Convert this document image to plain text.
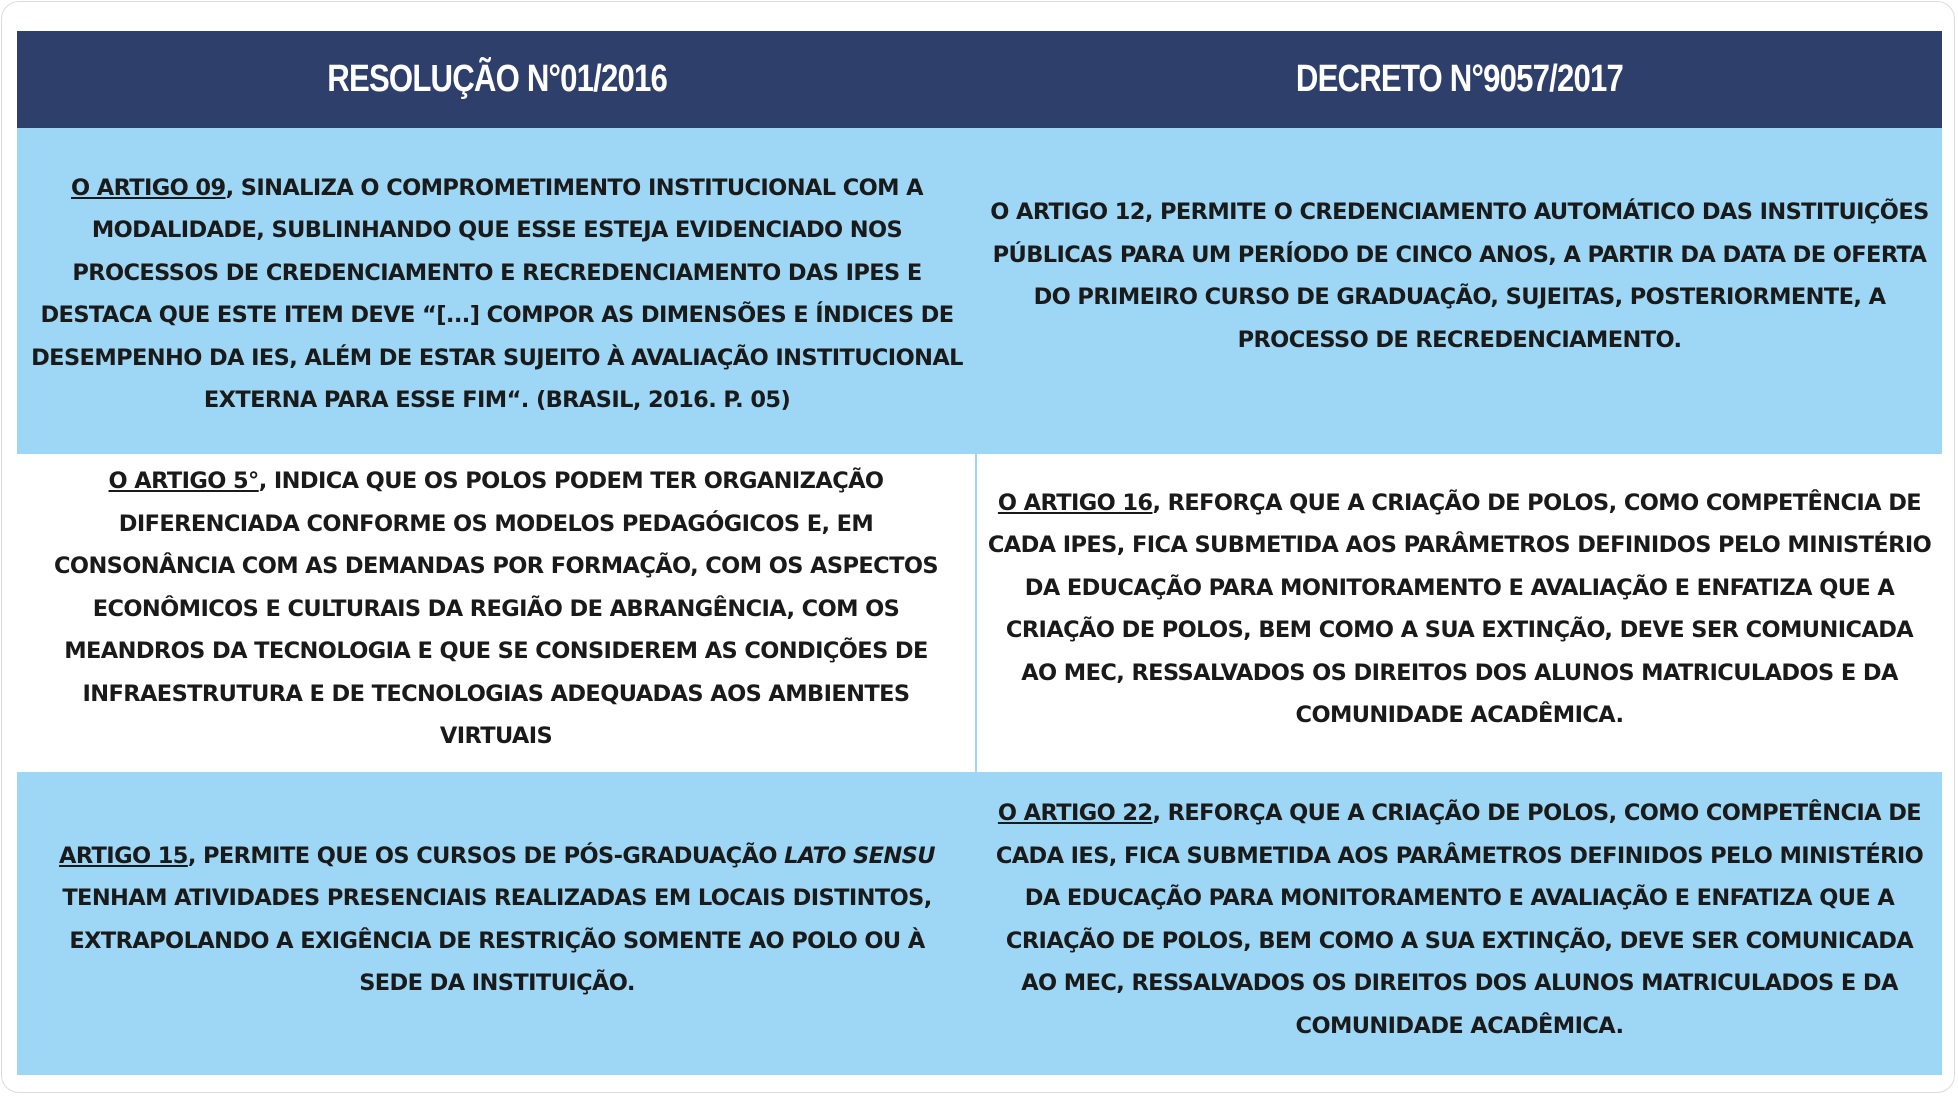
RESOLUÇÃO N°01/2016	DECRETO N°9057/2017
O ARTIGO 09, SINALIZA O COMPROMETIMENTO INSTITUCIONAL COM A MODALIDADE, SUBLINHANDO QUE ESSE ESTEJA EVIDENCIADO NOS PROCESSOS DE CREDENCIAMENTO E RECREDENCIAMENTO DAS IPES E DESTACA QUE ESTE ITEM DEVE “[...] COMPOR AS DIMENSÕES E ÍNDICES DE DESEMPENHO DA IES, ALÉM DE ESTAR SUJEITO À AVALIAÇÃO INSTITUCIONAL EXTERNA PARA ESSE FIM“. (BRASIL, 2016. P. 05)
O ARTIGO 12, PERMITE O CREDENCIAMENTO AUTOMÁTICO DAS INSTITUIÇÕES PÚBLICAS PARA UM PERÍODO DE CINCO ANOS, A PARTIR DA DATA DE OFERTA DO PRIMEIRO CURSO DE GRADUAÇÃO, SUJEITAS, POSTERIORMENTE, A PROCESSO DE RECREDENCIAMENTO.
O ARTIGO 5°, INDICA QUE OS POLOS PODEM TER ORGANIZAÇÃO DIFERENCIADA CONFORME OS MODELOS PEDAGÓGICOS E, EM CONSONÂNCIA COM AS DEMANDAS POR FORMAÇÃO, COM OS ASPECTOS ECONÔMICOS E CULTURAIS DA REGIÃO DE ABRANGÊNCIA, COM OS MEANDROS DA TECNOLOGIA E QUE SE CONSIDEREM AS CONDIÇÕES DE INFRAESTRUTURA E DE TECNOLOGIAS ADEQUADAS AOS AMBIENTES VIRTUAIS
O ARTIGO 16, REFORÇA QUE A CRIAÇÃO DE POLOS, COMO COMPETÊNCIA DE CADA IPES, FICA SUBMETIDA AOS PARÂMETROS DEFINIDOS PELO MINISTÉRIO DA EDUCAÇÃO PARA MONITORAMENTO E AVALIAÇÃO E ENFATIZA QUE A CRIAÇÃO DE POLOS, BEM COMO A SUA EXTINÇÃO, DEVE SER COMUNICADA AO MEC, RESSALVADOS OS DIREITOS DOS ALUNOS MATRICULADOS E DA COMUNIDADE ACADÊMICA.
ARTIGO 15, PERMITE QUE OS CURSOS DE PÓS-GRADUAÇÃO LATO SENSU TENHAM ATIVIDADES PRESENCIAIS REALIZADAS EM LOCAIS DISTINTOS, EXTRAPOLANDO A EXIGÊNCIA DE RESTRIÇÃO SOMENTE AO POLO OU À SEDE DA INSTITUIÇÃO.
O ARTIGO 22, REFORÇA QUE A CRIAÇÃO DE POLOS, COMO COMPETÊNCIA DE CADA IES, FICA SUBMETIDA AOS PARÂMETROS DEFINIDOS PELO MINISTÉRIO DA EDUCAÇÃO PARA MONITORAMENTO E AVALIAÇÃO E ENFATIZA QUE A CRIAÇÃO DE POLOS, BEM COMO A SUA EXTINÇÃO, DEVE SER COMUNICADA AO MEC, RESSALVADOS OS DIREITOS DOS ALUNOS MATRICULADOS E DA COMUNIDADE ACADÊMICA.
